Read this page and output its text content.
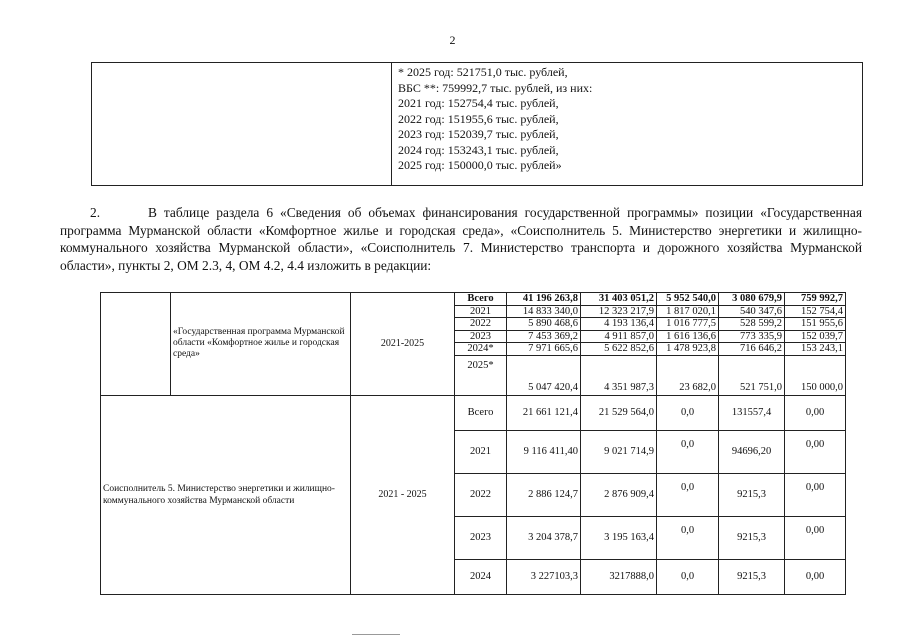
2
* 2025 год: 521751,0 тыс. рублей,
ВБС **: 759992,7 тыс. рублей, из них:
2021 год: 152754,4 тыс. рублей,
2022 год: 151955,6 тыс. рублей,
2023 год: 152039,7 тыс. рублей,
2024 год: 153243,1 тыс. рублей,
2025 год: 150000,0 тыс. рублей»

2.	В таблице раздела 6 «Сведения об объемах финансирования государственной программы» позиции «Государственная программа Мурманской области «Комфортное жилье и городская среда», «Соисполнитель 5. Министерство энергетики и жилищно-коммунального хозяйства Мурманской области», «Соисполнитель 7. Министерство транспорта и дорожного хозяйства Мурманской области», пункты 2, ОМ 2.3, 4, ОМ 4.2, 4.4 изложить в редакции:

	«Государственная программа Мурманской области «Комфортное жилье и городская среда»	2021-2025	Всего	41 196 263,8	31 403 051,2	5 952 540,0	3 080 679,9	759 992,7
			2021	14 833 340,0	12 323 217,9	1 817 020,1	540 347,6	152 754,4
			2022	5 890 468,6	4 193 136,4	1 016 777,5	528 599,2	151 955,6
			2023	7 453 369,2	4 911 857,0	1 616 136,6	773 335,9	152 039,7
			2024*	7 971 665,6	5 622 852,6	1 478 923,8	716 646,2	153 243,1
			2025*	5 047 420,4	4 351 987,3	23 682,0	521 751,0	150 000,0
Соисполнитель 5. Министерство энергетики и жилищно-коммунального хозяйства Мурманской области		2021 - 2025	Всего	21 661 121,4	21 529 564,0	0,0	131557,4	0,00
			2021	9 116 411,40	9 021 714,9	0,0	94696,20	0,00
			2022	2 886 124,7	2 876 909,4	0,0	9215,3	0,00
			2023	3 204 378,7	3 195 163,4	0,0	9215,3	0,00
			2024	3 227103,3	3217888,0	0,0	9215,3	0,00
